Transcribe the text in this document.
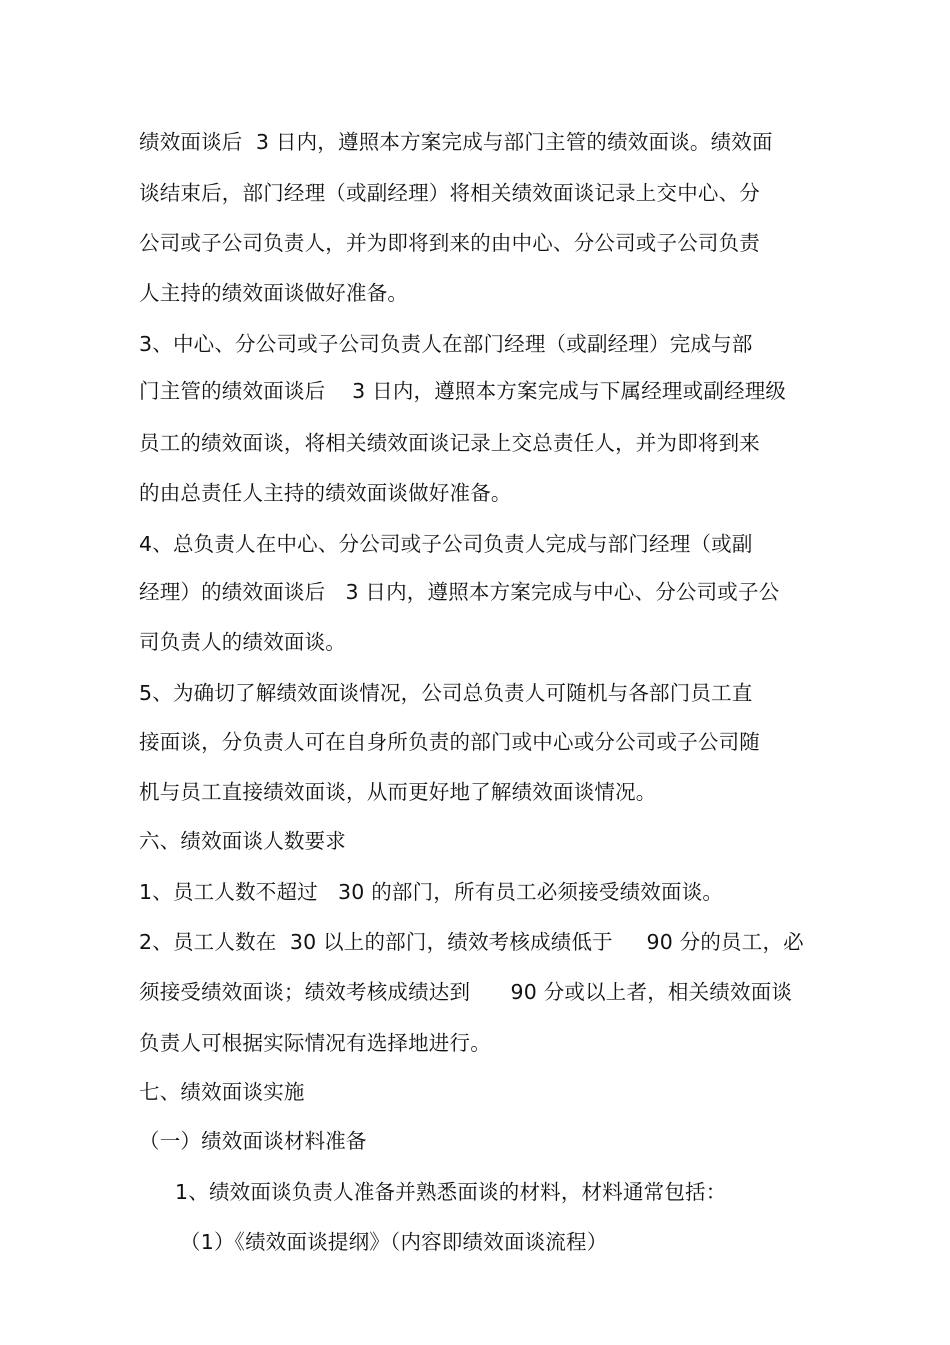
绩效面谈后  3 日内，遵照本方案完成与部门主管的绩效面谈。绩效面
谈结束后，部门经理（或副经理）将相关绩效面谈记录上交中心、分
公司或子公司负责人，并为即将到来的由中心、分公司或子公司负责
人主持的绩效面谈做好准备。
3、中心、分公司或子公司负责人在部门经理（或副经理）完成与部
门主管的绩效面谈后    3 日内，遵照本方案完成与下属经理或副经理级
员工的绩效面谈，将相关绩效面谈记录上交总责任人，并为即将到来
的由总责任人主持的绩效面谈做好准备。
4、总负责人在中心、分公司或子公司负责人完成与部门经理（或副
经理）的绩效面谈后   3 日内，遵照本方案完成与中心、分公司或子公
司负责人的绩效面谈。
5、为确切了解绩效面谈情况，公司总负责人可随机与各部门员工直
接面谈，分负责人可在自身所负责的部门或中心或分公司或子公司随
机与员工直接绩效面谈，从而更好地了解绩效面谈情况。
六、绩效面谈人数要求
1、员工人数不超过   30 的部门，所有员工必须接受绩效面谈。
2、员工人数在  30 以上的部门，绩效考核成绩低于     90 分的员工，必
须接受绩效面谈；绩效考核成绩达到      90 分或以上者，相关绩效面谈
负责人可根据实际情况有选择地进行。
七、绩效面谈实施
（一）绩效面谈材料准备
1、绩效面谈负责人准备并熟悉面谈的材料，材料通常包括：
（1）《绩效面谈提纲》（内容即绩效面谈流程）
